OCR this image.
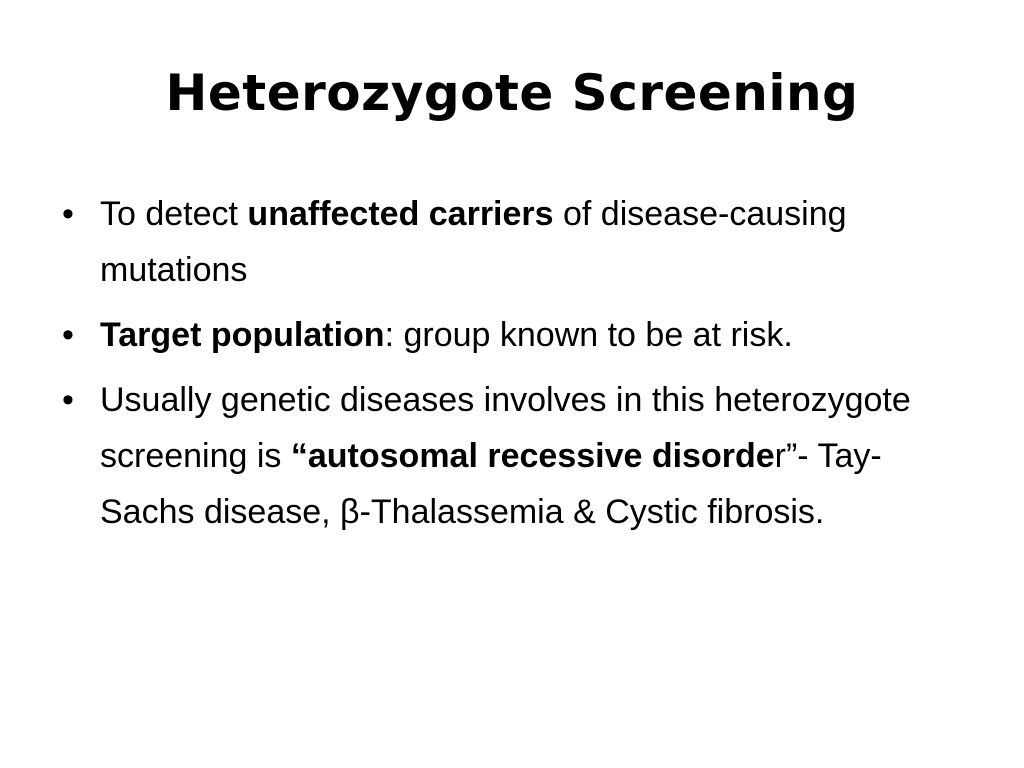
Heterozygote Screening
• To detect unaffected carriers of disease-causing mutations
• Target population: group known to be at risk.
• Usually genetic diseases involves in this heterozygote screening is “autosomal recessive disorder”- Tay-Sachs disease, β-Thalassemia & Cystic fibrosis.
